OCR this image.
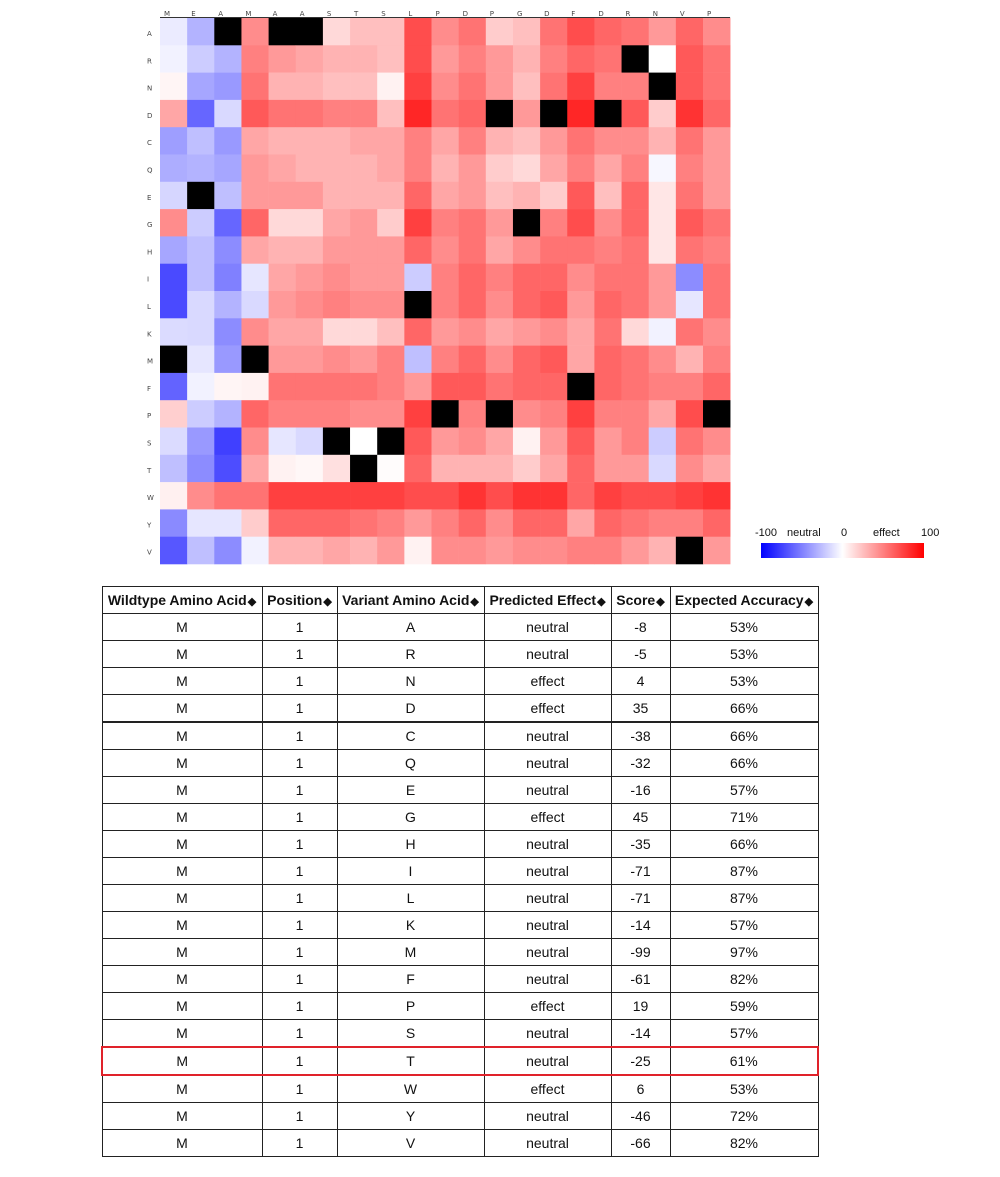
M	E	A	M	A	A	S	T	S	L	P	D	P	G	D	F	D	R	N	V	P
A
R
N
D
C
Q
E
G
H
I
L
K
M
F
P
S
T
W
Y
V
-100 neutral 0 effect 100
Wildtype Amino Acid◆	Position◆	Variant Amino Acid◆	Predicted Effect◆	Score◆	Expected Accuracy◆
M	1	A	neutral	-8	53%
M	1	R	neutral	-5	53%
M	1	N	effect	4	53%
M	1	D	effect	35	66%
M	1	C	neutral	-38	66%
M	1	Q	neutral	-32	66%
M	1	E	neutral	-16	57%
M	1	G	effect	45	71%
M	1	H	neutral	-35	66%
M	1	I	neutral	-71	87%
M	1	L	neutral	-71	87%
M	1	K	neutral	-14	57%
M	1	M	neutral	-99	97%
M	1	F	neutral	-61	82%
M	1	P	effect	19	59%
M	1	S	neutral	-14	57%
M	1	T	neutral	-25	61%
M	1	W	effect	6	53%
M	1	Y	neutral	-46	72%
M	1	V	neutral	-66	82%
